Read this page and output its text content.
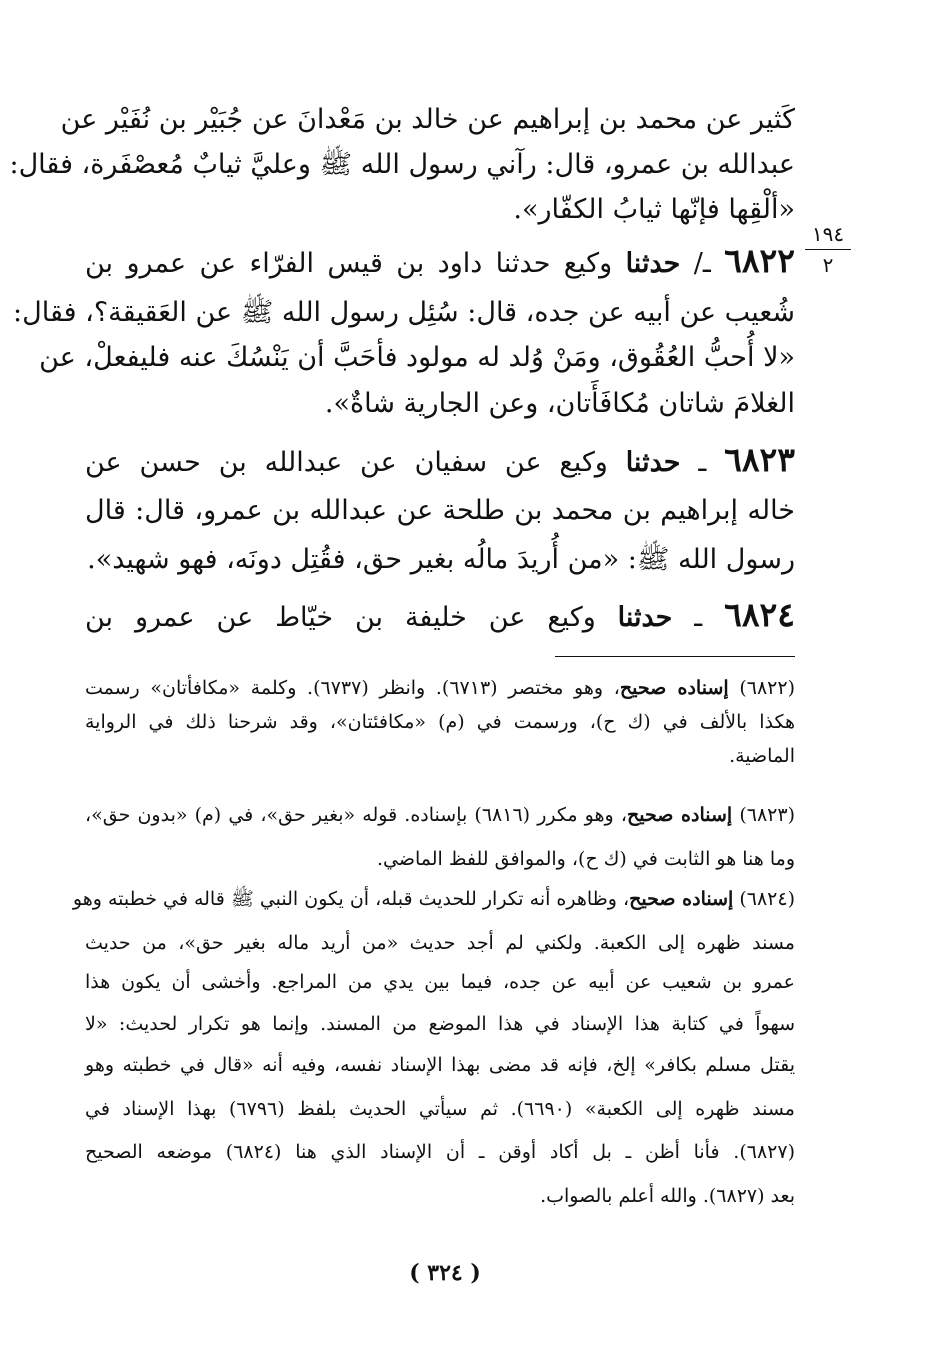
كَثير عن محمد بن إبراهيم عن خالد بن مَعْدانَ عن جُبَيْر بن نُفَيْر عن
عبدالله بن عمرو، قال: رآني رسول الله ﷺ وعليَّ ثيابٌ مُعصْفَرة، فقال:
«ألْقِها فإنّها ثيابُ الكفّار».
٦٨٢٢ ـ/ حدثنا وكيع حدثنا داود بن قيس الفرّاء عن عمرو بن
شُعيب عن أبيه عن جده، قال: سُئِل رسول الله ﷺ عن العَقيقة؟، فقال:
«لا أُحبُّ العُقُوق، ومَنْ وُلد له مولود فأحَبَّ أن يَنْسُكَ عنه فليفعلْ، عن
الغلامَ شاتان مُكافَأَتان، وعن الجارية شاةٌ».
٦٨٢٣ ـ حدثنا وكيع عن سفيان عن عبدالله بن حسن عن
خاله إبراهيم بن محمد بن طلحة عن عبدالله بن عمرو، قال: قال
رسول الله ﷺ: «من أُريدَ مالُه بغير حق، فقُتِل دونَه، فهو شهيد».
٦٨٢٤ ـ حدثنا وكيع عن خليفة بن خيّاط عن عمرو بن
١٩٤
٢
(٦٨٢٢) إسناده صحيح، وهو مختصر (٦٧١٣). وانظر (٦٧٣٧). وكلمة «مكافأتان» رسمت
هكذا بالألف في (ك ح)، ورسمت في (م) «مكافئتان»، وقد شرحنا ذلك في الرواية
الماضية.
(٦٨٢٣) إسناده صحيح، وهو مكرر (٦٨١٦) بإسناده. قوله «بغير حق»، في (م) «بدون حق»،
وما هنا هو الثابت في (ك ح)، والموافق للفظ الماضي.
(٦٨٢٤) إسناده صحيح، وظاهره أنه تكرار للحديث قبله، أن يكون النبي ﷺ قاله في خطبته وهو
مسند ظهره إلى الكعبة. ولكني لم أجد حديث «من أريد ماله بغير حق»، من حديث
عمرو بن شعيب عن أبيه عن جده، فيما بين يدي من المراجع. وأخشى أن يكون هذا
سهواً في كتابة هذا الإسناد في هذا الموضع من المسند. وإنما هو تكرار لحديث: «لا
يقتل مسلم بكافر» إلخ، فإنه قد مضى بهذا الإسناد نفسه، وفيه أنه «قال في خطبته وهو
مسند ظهره إلى الكعبة» (٦٦٩٠). ثم سيأتي الحديث بلفظ (٦٧٩٦) بهذا الإسناد في
(٦٨٢٧). فأنا أظن ـ بل أكاد أوقن ـ أن الإسناد الذي هنا (٦٨٢٤) موضعه الصحيح
بعد (٦٨٢٧). والله أعلم بالصواب.
( ٣٢٤ )
